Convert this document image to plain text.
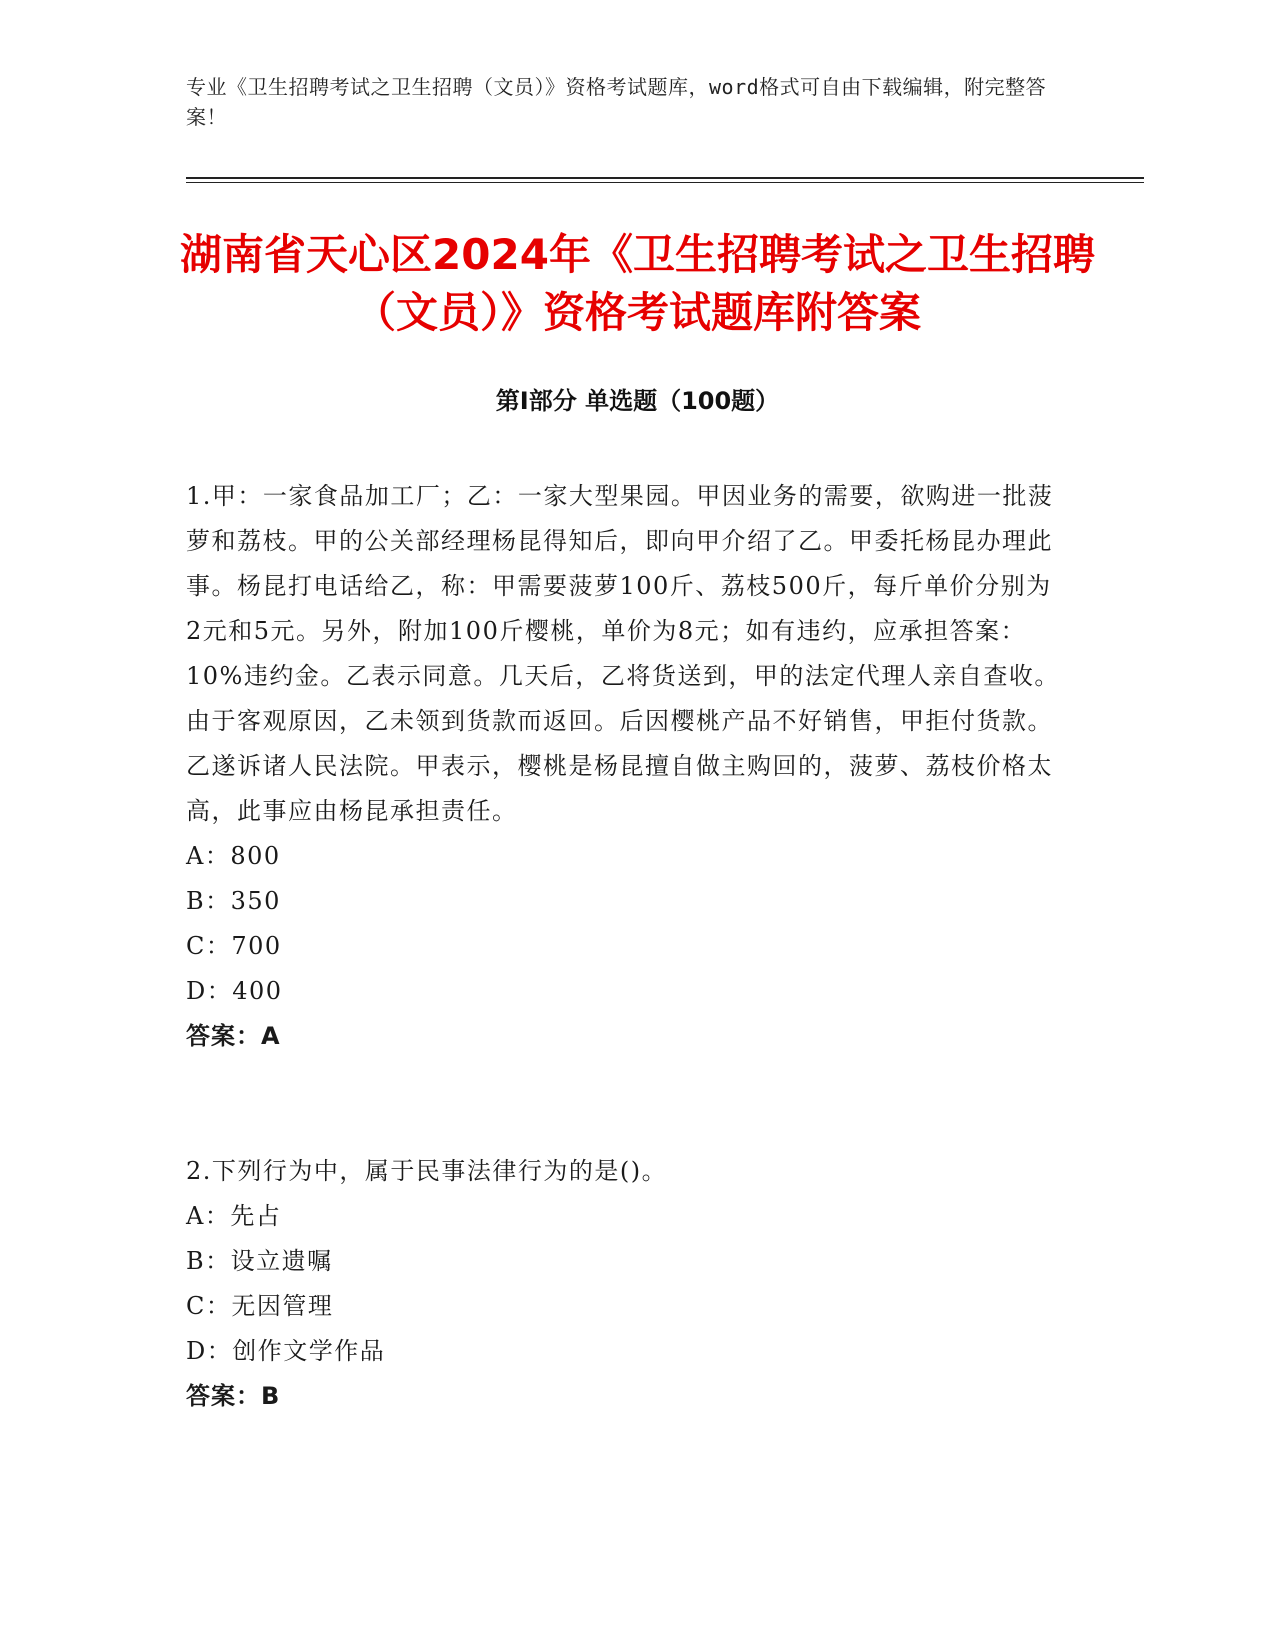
专业《卫生招聘考试之卫生招聘（文员）》资格考试题库，word格式可自由下载编辑，附完整答案！
湖南省天心区2024年《卫生招聘考试之卫生招聘（文员）》资格考试题库附答案
第Ⅰ部分 单选题（100题）

1.甲：一家食品加工厂；乙：一家大型果园。甲因业务的需要，欲购进一批菠萝和荔枝。甲的公关部经理杨昆得知后，即向甲介绍了乙。甲委托杨昆办理此事。杨昆打电话给乙，称：甲需要菠萝100斤、荔枝500斤，每斤单价分别为2元和5元。另外，附加100斤樱桃，单价为8元；如有违约，应承担答案：10%违约金。乙表示同意。几天后，乙将货送到，甲的法定代理人亲自查收。由于客观原因，乙未领到货款而返回。后因樱桃产品不好销售，甲拒付货款。乙遂诉诸人民法院。甲表示，樱桃是杨昆擅自做主购回的，菠萝、荔枝价格太高，此事应由杨昆承担责任。

A：800

B：350

C：700

D：400

答案：A

2.下列行为中，属于民事法律行为的是()。

A：先占

B：设立遗嘱

C：无因管理

D：创作文学作品

答案：B
